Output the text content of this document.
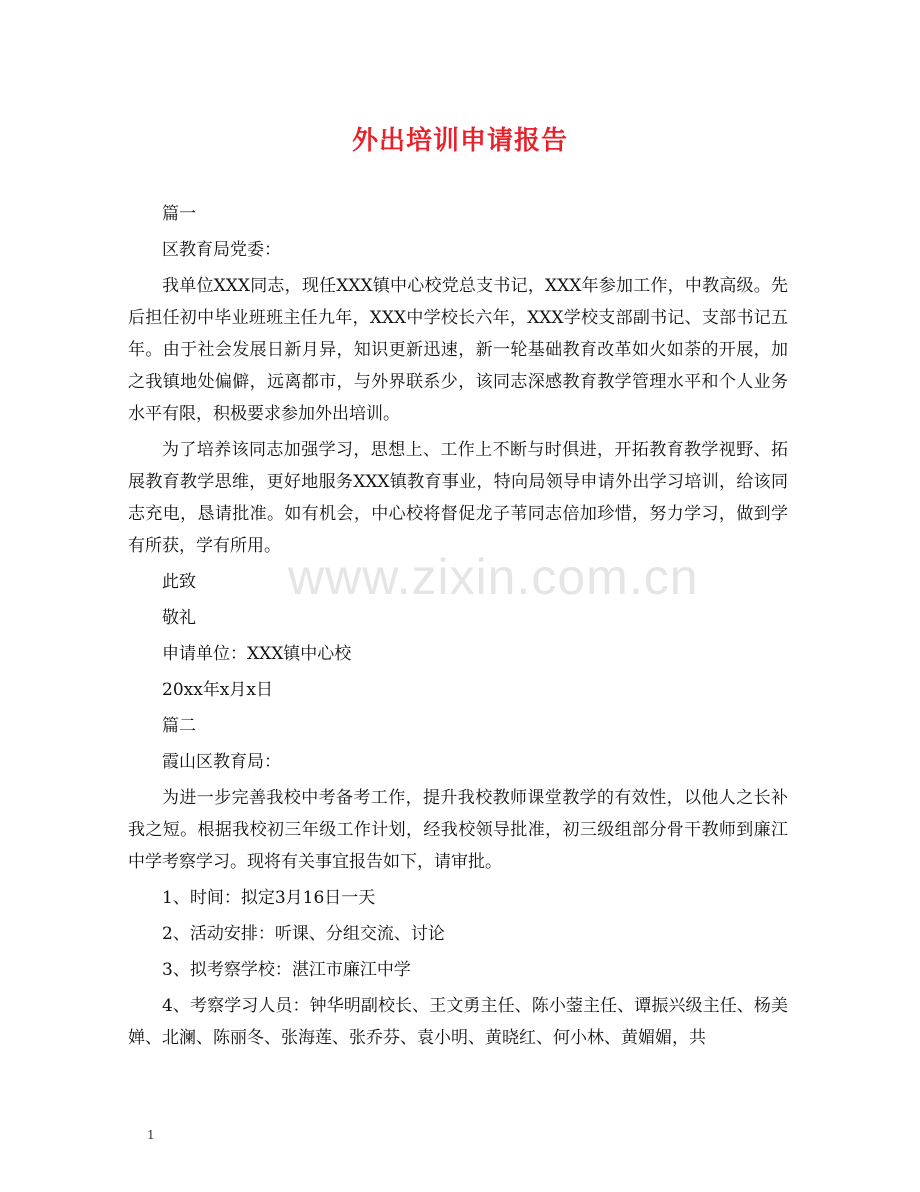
外出培训申请报告

篇一

区教育局党委：

我单位XXX同志，现任XXX镇中心校党总支书记，XXX年参加工作，中教高级。先后担任初中毕业班班主任九年，XXX中学校长六年，XXX学校支部副书记、支部书记五年。由于社会发展日新月异，知识更新迅速，新一轮基础教育改革如火如荼的开展，加之我镇地处偏僻，远离都市，与外界联系少，该同志深感教育教学管理水平和个人业务水平有限，积极要求参加外出培训。

为了培养该同志加强学习，思想上、工作上不断与时俱进，开拓教育教学视野、拓展教育教学思维，更好地服务XXX镇教育事业，特向局领导申请外出学习培训，给该同志充电，恳请批准。如有机会，中心校将督促龙子苇同志倍加珍惜，努力学习，做到学有所获，学有所用。

此致

敬礼

申请单位：XXX镇中心校

20xx年x月x日

篇二

霞山区教育局：

为进一步完善我校中考备考工作，提升我校教师课堂教学的有效性，以他人之长补我之短。根据我校初三年级工作计划，经我校领导批准，初三级组部分骨干教师到廉江中学考察学习。现将有关事宜报告如下，请审批。

1、时间：拟定3月16日一天

2、活动安排：听课、分组交流、讨论

3、拟考察学校：湛江市廉江中学

4、考察学习人员：钟华明副校长、王文勇主任、陈小蓥主任、谭振兴级主任、杨美婵、北澜、陈丽冬、张海莲、张乔芬、袁小明、黄晓红、何小林、黄媚媚，共

www.zixin.com.cn
1
